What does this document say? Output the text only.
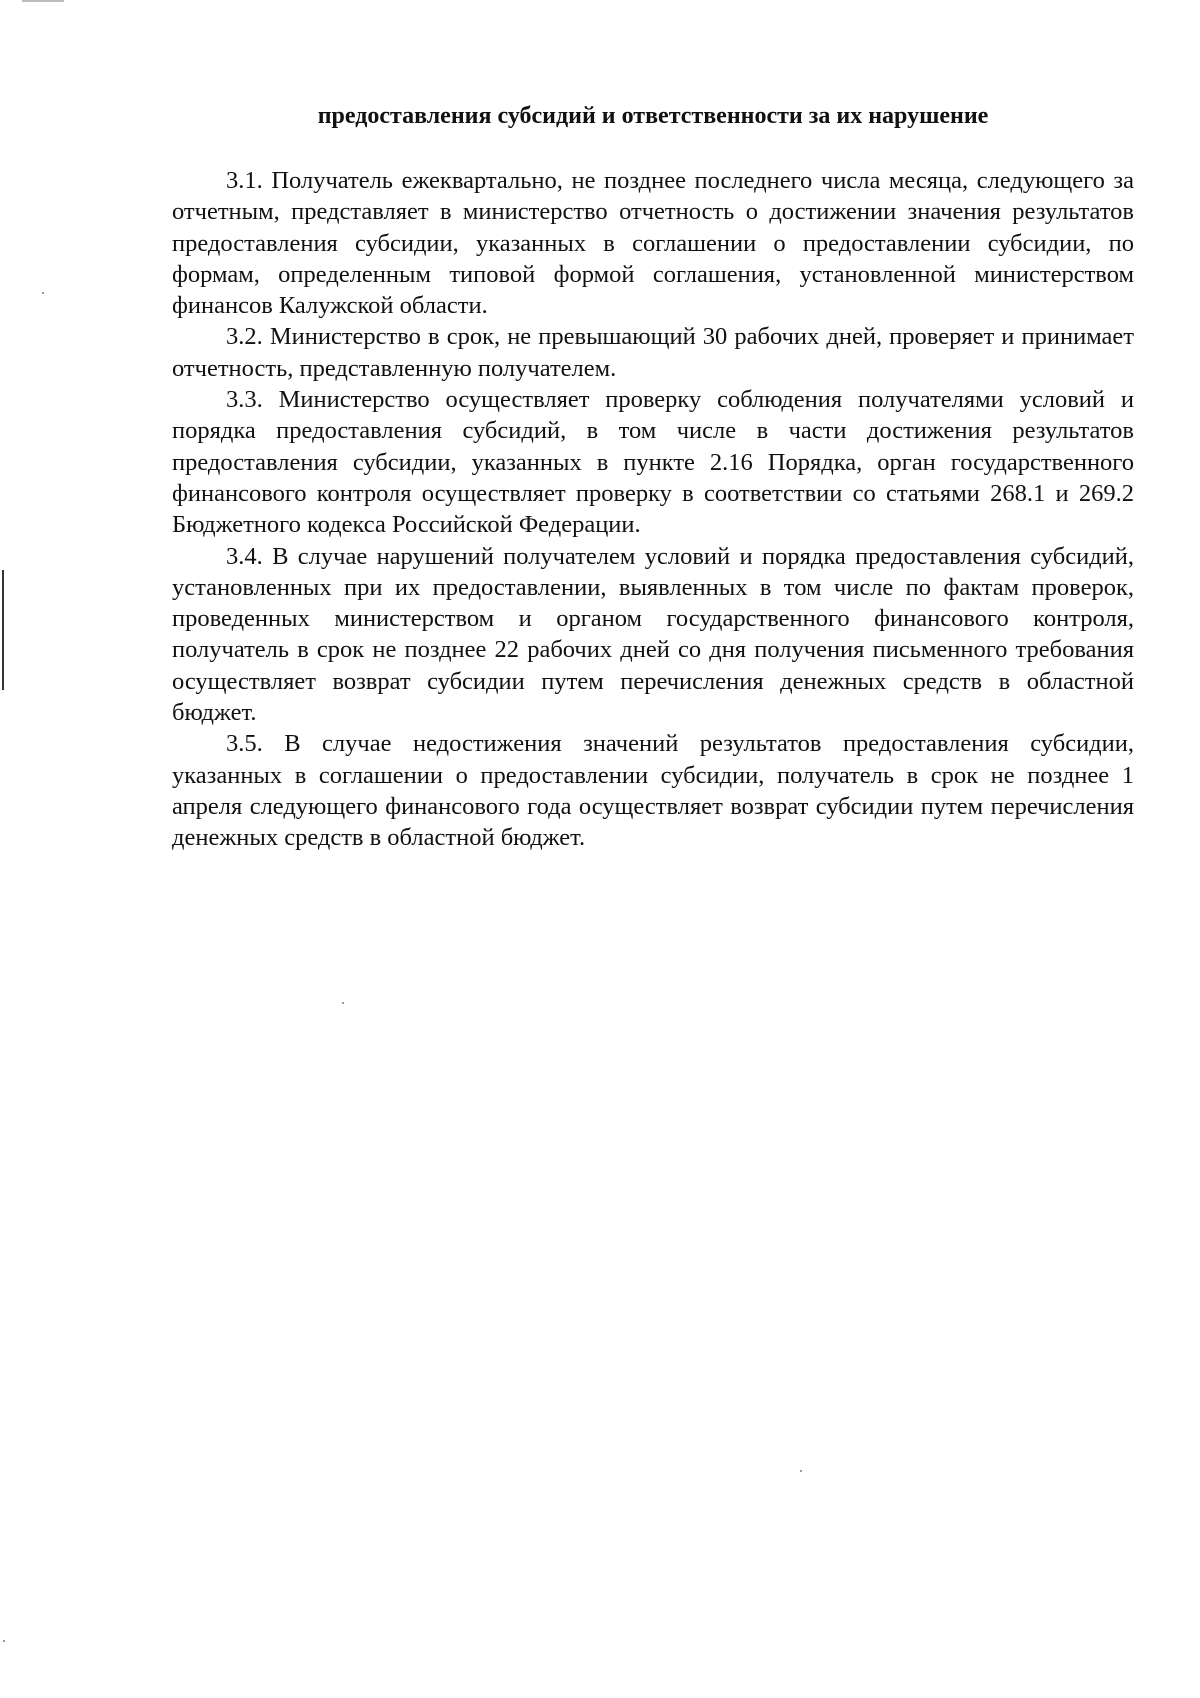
предоставления субсидий и ответственности за их нарушение

3.1. Получатель ежеквартально, не позднее последнего числа месяца, следующего за отчетным, представляет в министерство отчетность о достижении значения результатов предоставления субсидии, указанных в соглашении о предоставлении субсидии, по формам, определенным типовой формой соглашения, установленной министерством финансов Калужской области.

3.2. Министерство в срок, не превышающий 30 рабочих дней, проверяет и принимает отчетность, представленную получателем.

3.3. Министерство осуществляет проверку соблюдения получателями условий и порядка предоставления субсидий, в том числе в части достижения результатов предоставления субсидии, указанных в пункте 2.16 Порядка, орган государственного финансового контроля осуществляет проверку в соответствии со статьями 268.1 и 269.2 Бюджетного кодекса Российской Федерации.

3.4. В случае нарушений получателем условий и порядка предоставления субсидий, установленных при их предоставлении, выявленных в том числе по фактам проверок, проведенных министерством и органом государственного финансового контроля, получатель в срок не позднее 22 рабочих дней со дня получения письменного требования осуществляет возврат субсидии путем перечисления денежных средств в областной бюджет.

3.5. В случае недостижения значений результатов предоставления субсидии, указанных в соглашении о предоставлении субсидии, получатель в срок не позднее 1 апреля следующего финансового года осуществляет возврат субсидии путем перечисления денежных средств в областной бюджет.
